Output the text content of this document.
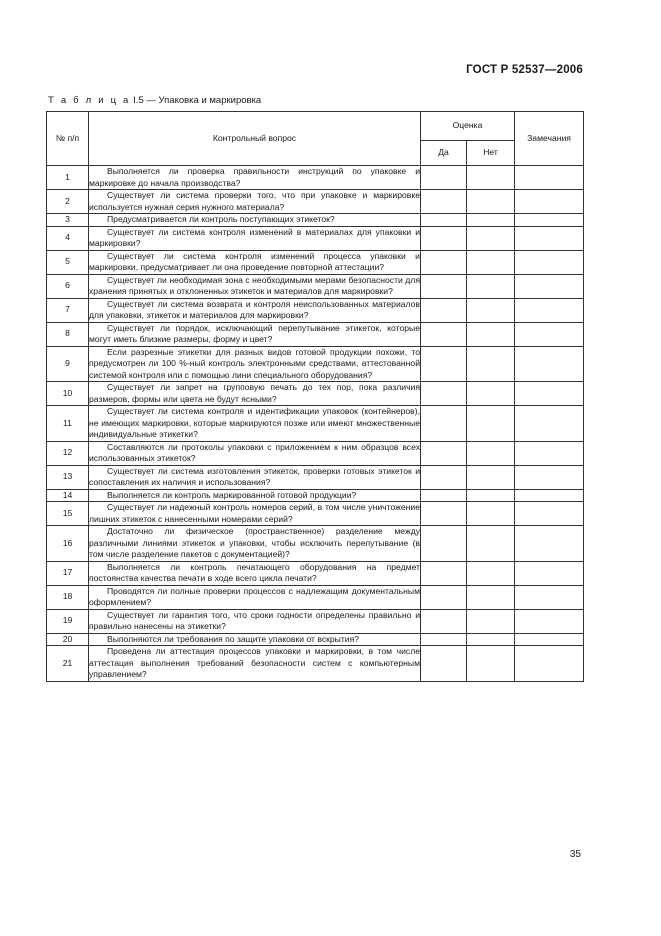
ГОСТ Р 52537—2006
Т а б л и ц а I.5 — Упаковка и маркировка
№ п/п	Контрольный вопрос	Оценка		Замечания
		Да	Нет	
1	Выполняется ли проверка правильности инструкций по упаковке и маркировке до начала производства?			
2	Существует ли система проверки того, что при упаковке и маркировке используется нужная серия нужного материала?			
3	Предусматривается ли контроль поступающих этикеток?			
4	Существует ли система контроля изменений в материалах для упаковки и маркировки?			
5	Существует ли система контроля изменений процесса упаковки и маркировки, предусматривает ли она проведение повторной аттестации?			
6	Существует ли необходимая зона с необходимыми мерами безопасности для хранения принятых и отклоненных этикеток и материалов для маркировки?			
7	Существует ли система возврата и контроля неиспользованных материалов для упаковки, этикеток и материалов для маркировки?			
8	Существует ли порядок, исключающий перепутывание этикеток, которые могут иметь близкие размеры, форму и цвет?			
9	Если разрезные этикетки для разных видов готовой продукции похожи, то предусмотрен ли 100 %-ный контроль электронными средствами, аттестованной системой контроля или с помощью лини специального оборудования?			
10	Существует ли запрет на групповую печать до тех пор, пока различия размеров, формы или цвета не будут ясными?			
11	Существует ли система контроля и идентификации упаковок (контейнеров), не имеющих маркировки, которые маркируются позже или имеют множественные индивидуальные этикетки?			
12	Составляются ли протоколы упаковки с приложением к ним образцов всех использованных этикеток?			
13	Существует ли система изготовления этикеток, проверки готовых этикеток и сопоставления их наличия и использования?			
14	Выполняется ли контроль маркированной готовой продукции?			
15	Существует ли надежный контроль номеров серий, в том числе уничтожение лишних этикеток с нанесенными номерами серий?			
16	Достаточно ли физическое (пространственное) разделение между различными линиями этикеток и упаковки, чтобы исключить перепутывание (в том числе разделение пакетов с документацией)?			
17	Выполняется ли контроль печатающего оборудования на предмет постоянства качества печати в ходе всего цикла печати?			
18	Проводятся ли полные проверки процессов с надлежащим документальным оформлением?			
19	Существует ли гарантия того, что сроки годности определены правильно и правильно нанесены на этикетки?			
20	Выполняются ли требования по защите упаковки от вскрытия?			
21	Проведена ли аттестация процессов упаковки и маркировки, в том числе аттестация выполнения требований безопасности систем с компьютерным управлением?			
35
